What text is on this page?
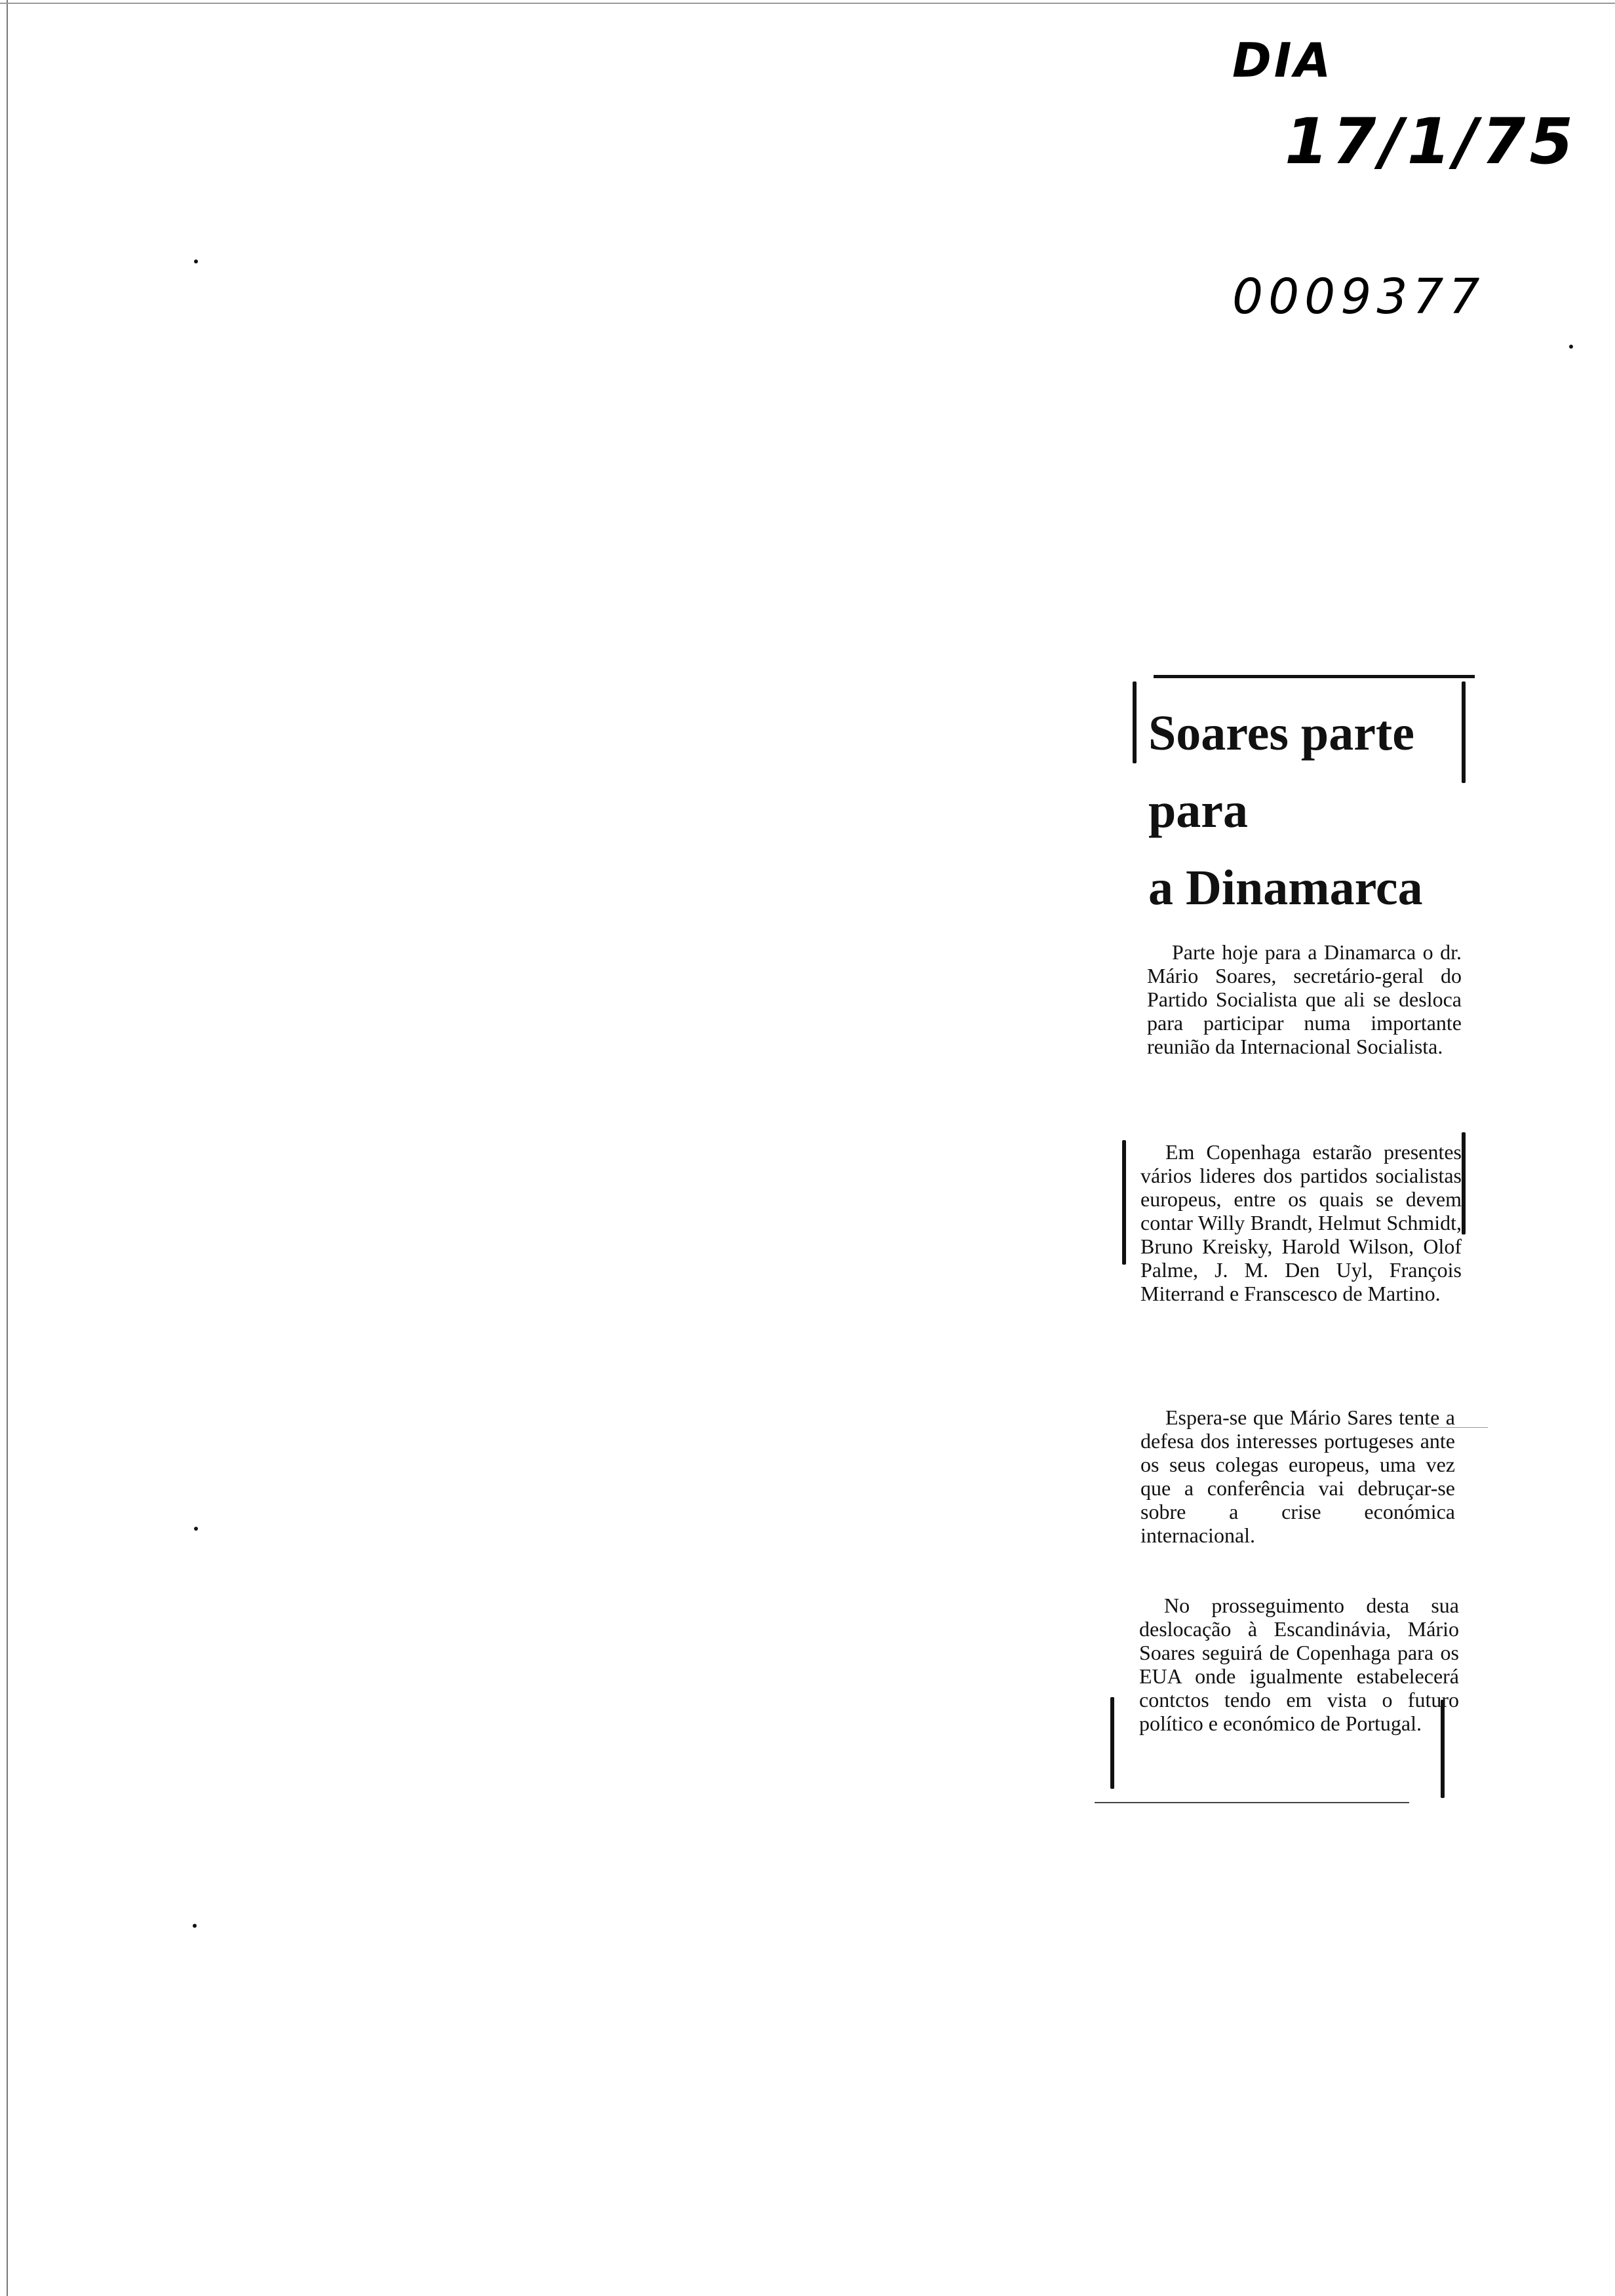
DIA
17/1/75
0009377
Soares parte
para
a Dinamarca

Parte hoje para a Dinamarca o dr. Mário Soares, secretário-geral do Partido Socialista que ali se desloca para participar numa importante reunião da Internacional Socialista.

Em Copenhaga estarão presentes vários lideres dos partidos socialistas europeus, entre os quais se devem contar Willy Brandt, Helmut Schmidt, Bruno Kreisky, Harold Wilson, Olof Palme, J. M. Den Uyl, François Miterrand e Franscesco de Martino.

Espera-se que Mário Sares tente a defesa dos interesses portugeses ante os seus colegas europeus, uma vez que a conferência vai debruçar-se sobre a crise económica internacional.

No prosseguimento desta sua deslocação à Escandinávia, Mário Soares seguirá de Copenhaga para os EUA onde igualmente estabelecerá contctos tendo em vista o futuro político e económico de Portugal.
